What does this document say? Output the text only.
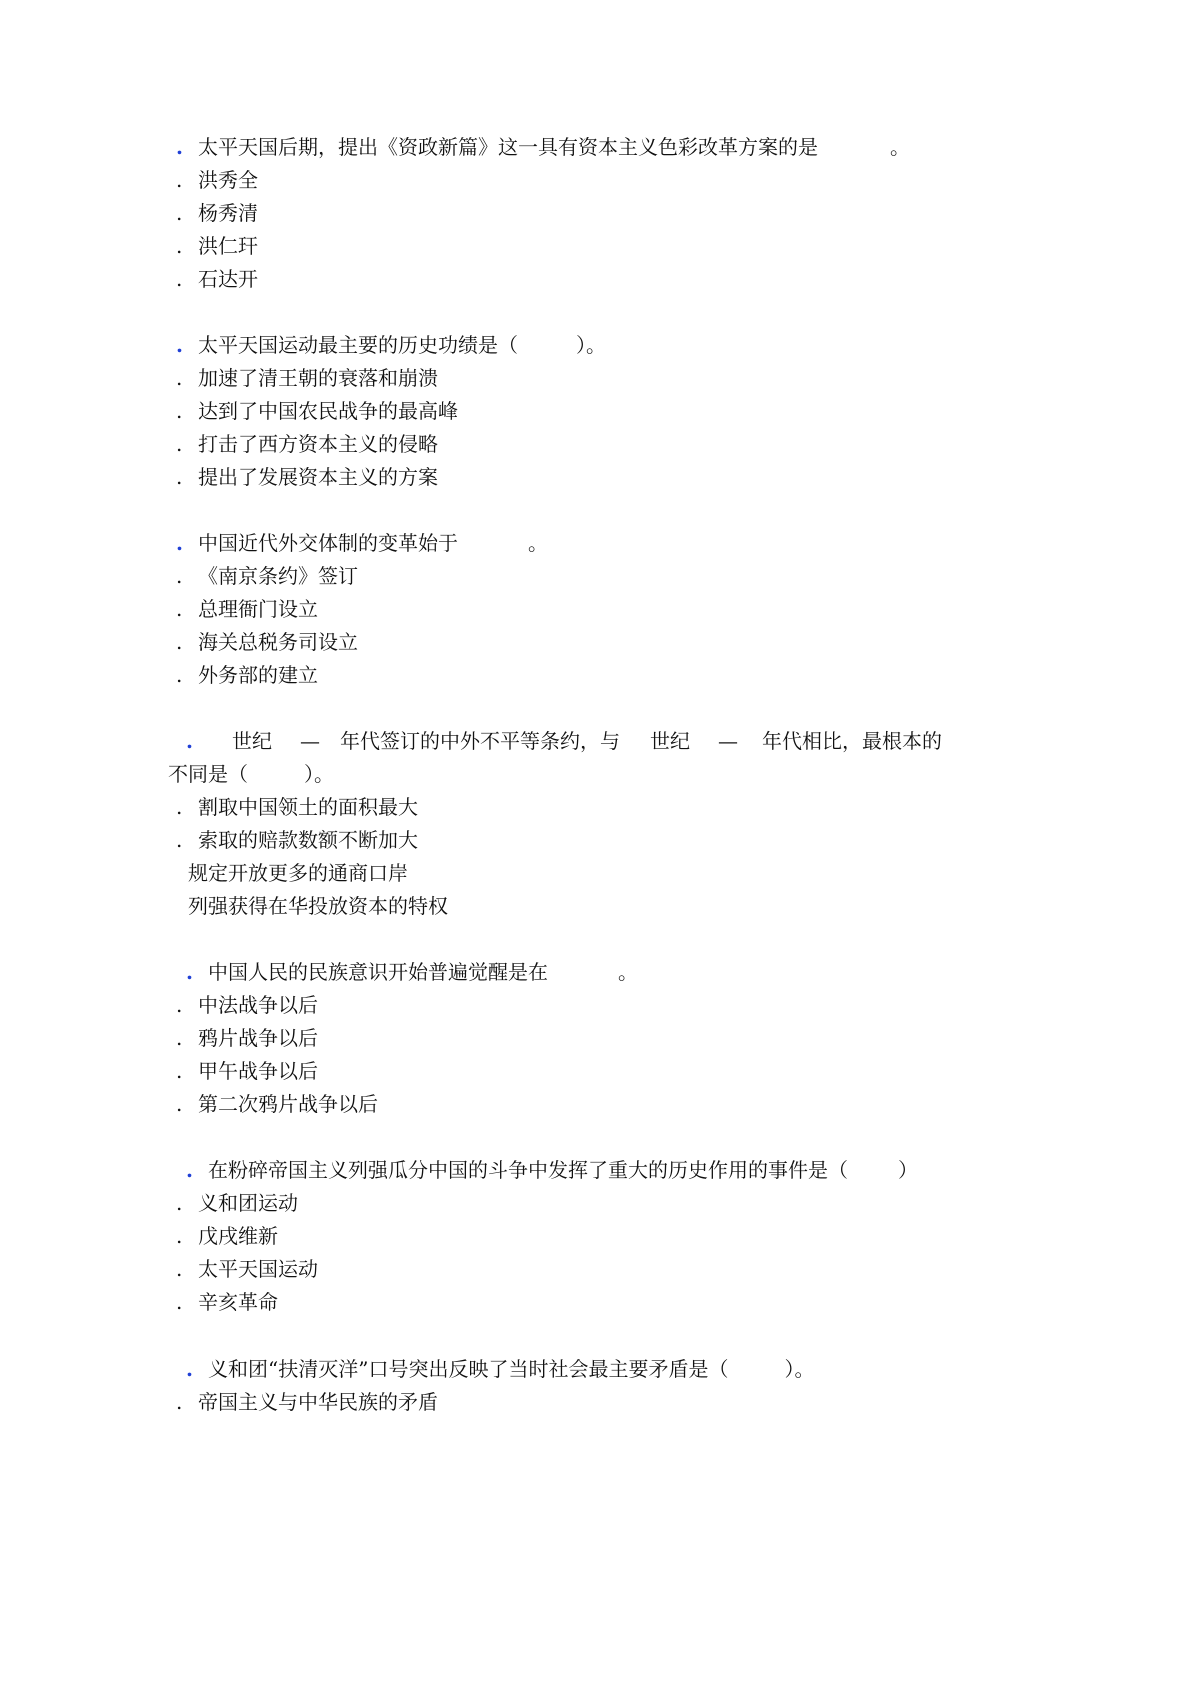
. 太平天国后期，提出《资政新篇》这一具有资本主义色彩改革方案的是	。
. 洪秀全
. 杨秀清
. 洪仁玕
. 石达开
. 太平天国运动最主要的历史功绩是（	）。
. 加速了清王朝的衰落和崩溃
. 达到了中国农民战争的最高峰
. 打击了西方资本主义的侵略
. 提出了发展资本主义的方案
. 中国近代外交体制的变革始于	。
. 《南京条约》签订
. 总理衙门设立
. 海关总税务司设立
. 外务部的建立
. 世纪 — 年代签订的中外不平等条约，与 世纪 — 年代相比，最根本的
不同是（	）。
. 割取中国领土的面积最大
. 索取的赔款数额不断加大
规定开放更多的通商口岸
列强获得在华投放资本的特权
. 中国人民的民族意识开始普遍觉醒是在	。
. 中法战争以后
. 鸦片战争以后
. 甲午战争以后
. 第二次鸦片战争以后
. 在粉碎帝国主义列强瓜分中国的斗争中发挥了重大的历史作用的事件是（	）
. 义和团运动
. 戊戌维新
. 太平天国运动
. 辛亥革命
. 义和团“扶清灭洋”口号突出反映了当时社会最主要矛盾是（	）。
. 帝国主义与中华民族的矛盾
